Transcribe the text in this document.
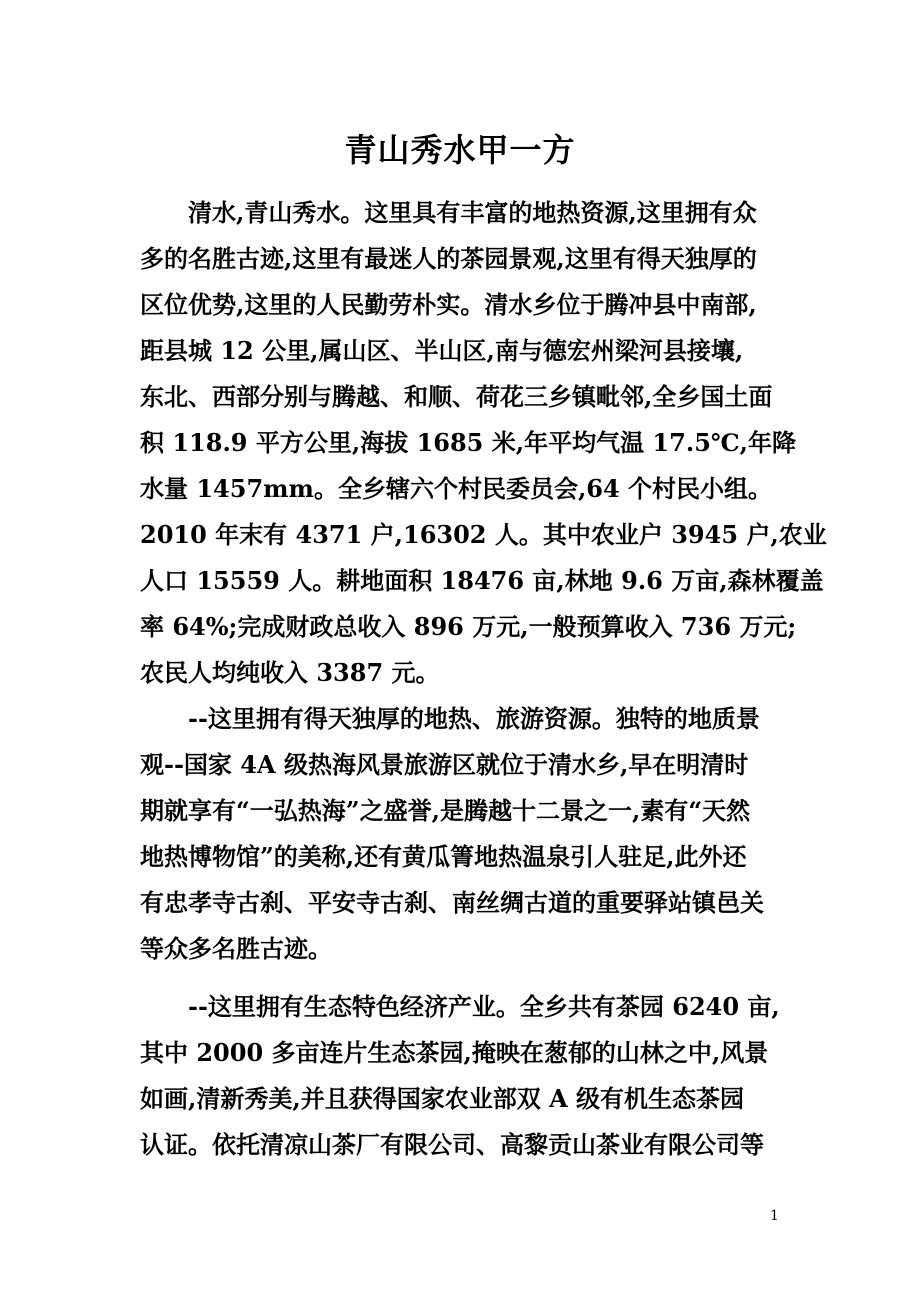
青山秀水甲一方
清水,青山秀水。这里具有丰富的地热资源,这里拥有众
多的名胜古迹,这里有最迷人的茶园景观,这里有得天独厚的
区位优势,这里的人民勤劳朴实。清水乡位于腾冲县中南部,
距县城 12 公里,属山区、半山区,南与德宏州梁河县接壤,
东北、西部分别与腾越、和顺、荷花三乡镇毗邻,全乡国土面
积 118.9 平方公里,海拔 1685 米,年平均气温 17.5℃,年降
水量 1457mm。全乡辖六个村民委员会,64 个村民小组。
2010 年末有 4371 户,16302 人。其中农业户 3945 户,农业
人口 15559 人。耕地面积 18476 亩,林地 9.6 万亩,森林覆盖
率 64%;完成财政总收入 896 万元,一般预算收入 736 万元;
农民人均纯收入 3387 元。
--这里拥有得天独厚的地热、旅游资源。独特的地质景
观--国家 4A 级热海风景旅游区就位于清水乡,早在明清时
期就享有“一弘热海”之盛誉,是腾越十二景之一,素有“天然
地热博物馆”的美称,还有黄瓜箐地热温泉引人驻足,此外还
有忠孝寺古刹、平安寺古刹、南丝绸古道的重要驿站镇邑关
等众多名胜古迹。
--这里拥有生态特色经济产业。全乡共有茶园 6240 亩,
其中 2000 多亩连片生态茶园,掩映在葱郁的山林之中,风景
如画,清新秀美,并且获得国家农业部双 A 级有机生态茶园
认证。依托清凉山茶厂有限公司、高黎贡山茶业有限公司等
1
